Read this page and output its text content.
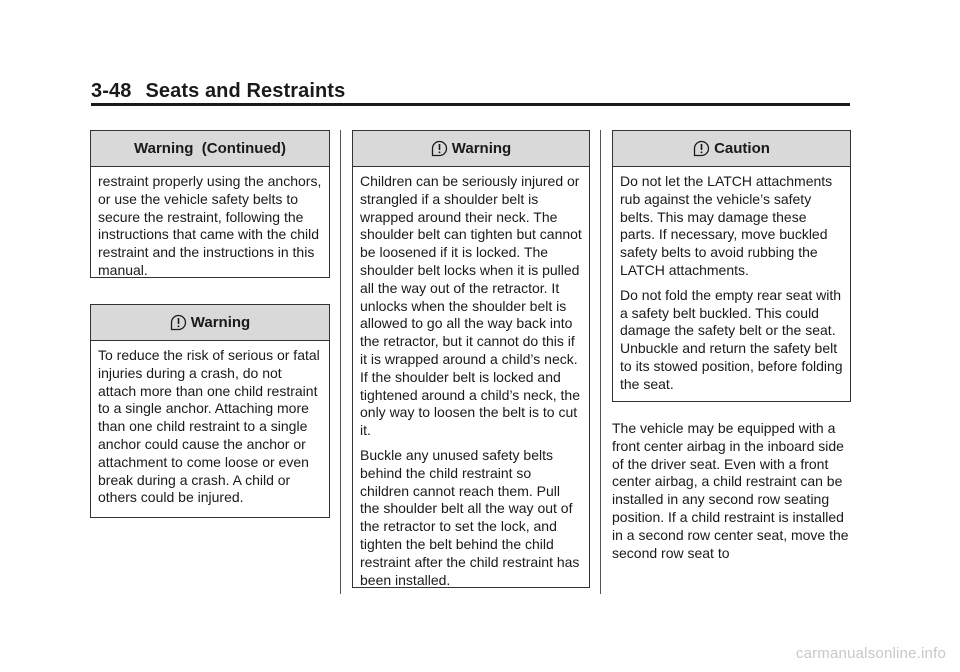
3-48 Seats and Restraints
Warning  (Continued)

restraint properly using the anchors, or use the vehicle safety belts to secure the restraint, following the instructions that came with the child restraint and the instructions in this manual.

Warning

To reduce the risk of serious or fatal injuries during a crash, do not attach more than one child restraint to a single anchor. Attaching more than one child restraint to a single anchor could cause the anchor or attachment to come loose or even break during a crash. A child or others could be injured.

Warning

Children can be seriously injured or strangled if a shoulder belt is wrapped around their neck. The shoulder belt can tighten but cannot be loosened if it is locked. The shoulder belt locks when it is pulled all the way out of the retractor. It unlocks when the shoulder belt is allowed to go all the way back into the retractor, but it cannot do this if it is wrapped around a child’s neck. If the shoulder belt is locked and tightened around a child’s neck, the only way to loosen the belt is to cut it.

Buckle any unused safety belts behind the child restraint so children cannot reach them. Pull the shoulder belt all the way out of the retractor to set the lock, and tighten the belt behind the child restraint after the child restraint has been installed.

Caution

Do not let the LATCH attachments rub against the vehicle’s safety belts. This may damage these parts. If necessary, move buckled safety belts to avoid rubbing the LATCH attachments.

Do not fold the empty rear seat with a safety belt buckled. This could damage the safety belt or the seat. Unbuckle and return the safety belt to its stowed position, before folding the seat.

The vehicle may be equipped with a front center airbag in the inboard side of the driver seat. Even with a front center airbag, a child restraint can be installed in any second row seating position. If a child restraint is installed in a second row center seat, move the second row seat to

carmanualsonline.info
